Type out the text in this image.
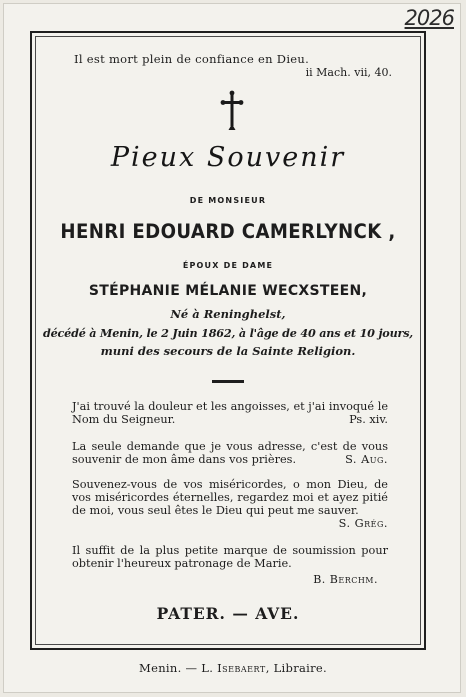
2026
Il est mort plein de confiance en Dieu.
ii Mach. vii, 40.
Pieux Souvenir
DE MONSIEUR
HENRI EDOUARD CAMERLYNCK ,
ÉPOUX DE DAME
STÉPHANIE MÉLANIE WECXSTEEN,
Né à Reninghelst,
décédé à Menin, le 2 Juin 1862, à l'âge de 40 ans et 10 jours,
muni des secours de la Sainte Religion.
J'ai trouvé la douleur et les angoisses, et j'ai invoqué le Nom du Seigneur.	Ps. xiv.
La seule demande que je vous adresse, c'est de vous souvenir de mon âme dans vos prières.	S. Aug.
Souvenez-vous de vos miséricordes, o mon Dieu, de vos miséricordes éternelles, regardez moi et ayez pitié de moi, vous seul êtes le Dieu qui peut me sauver.
S. Grég.
Il suffit de la plus petite marque de soumission pour obtenir l'heureux patronage de Marie.
B. Berchm.
PATER. — AVE.
Menin. — L. Isebaert, Libraire.
